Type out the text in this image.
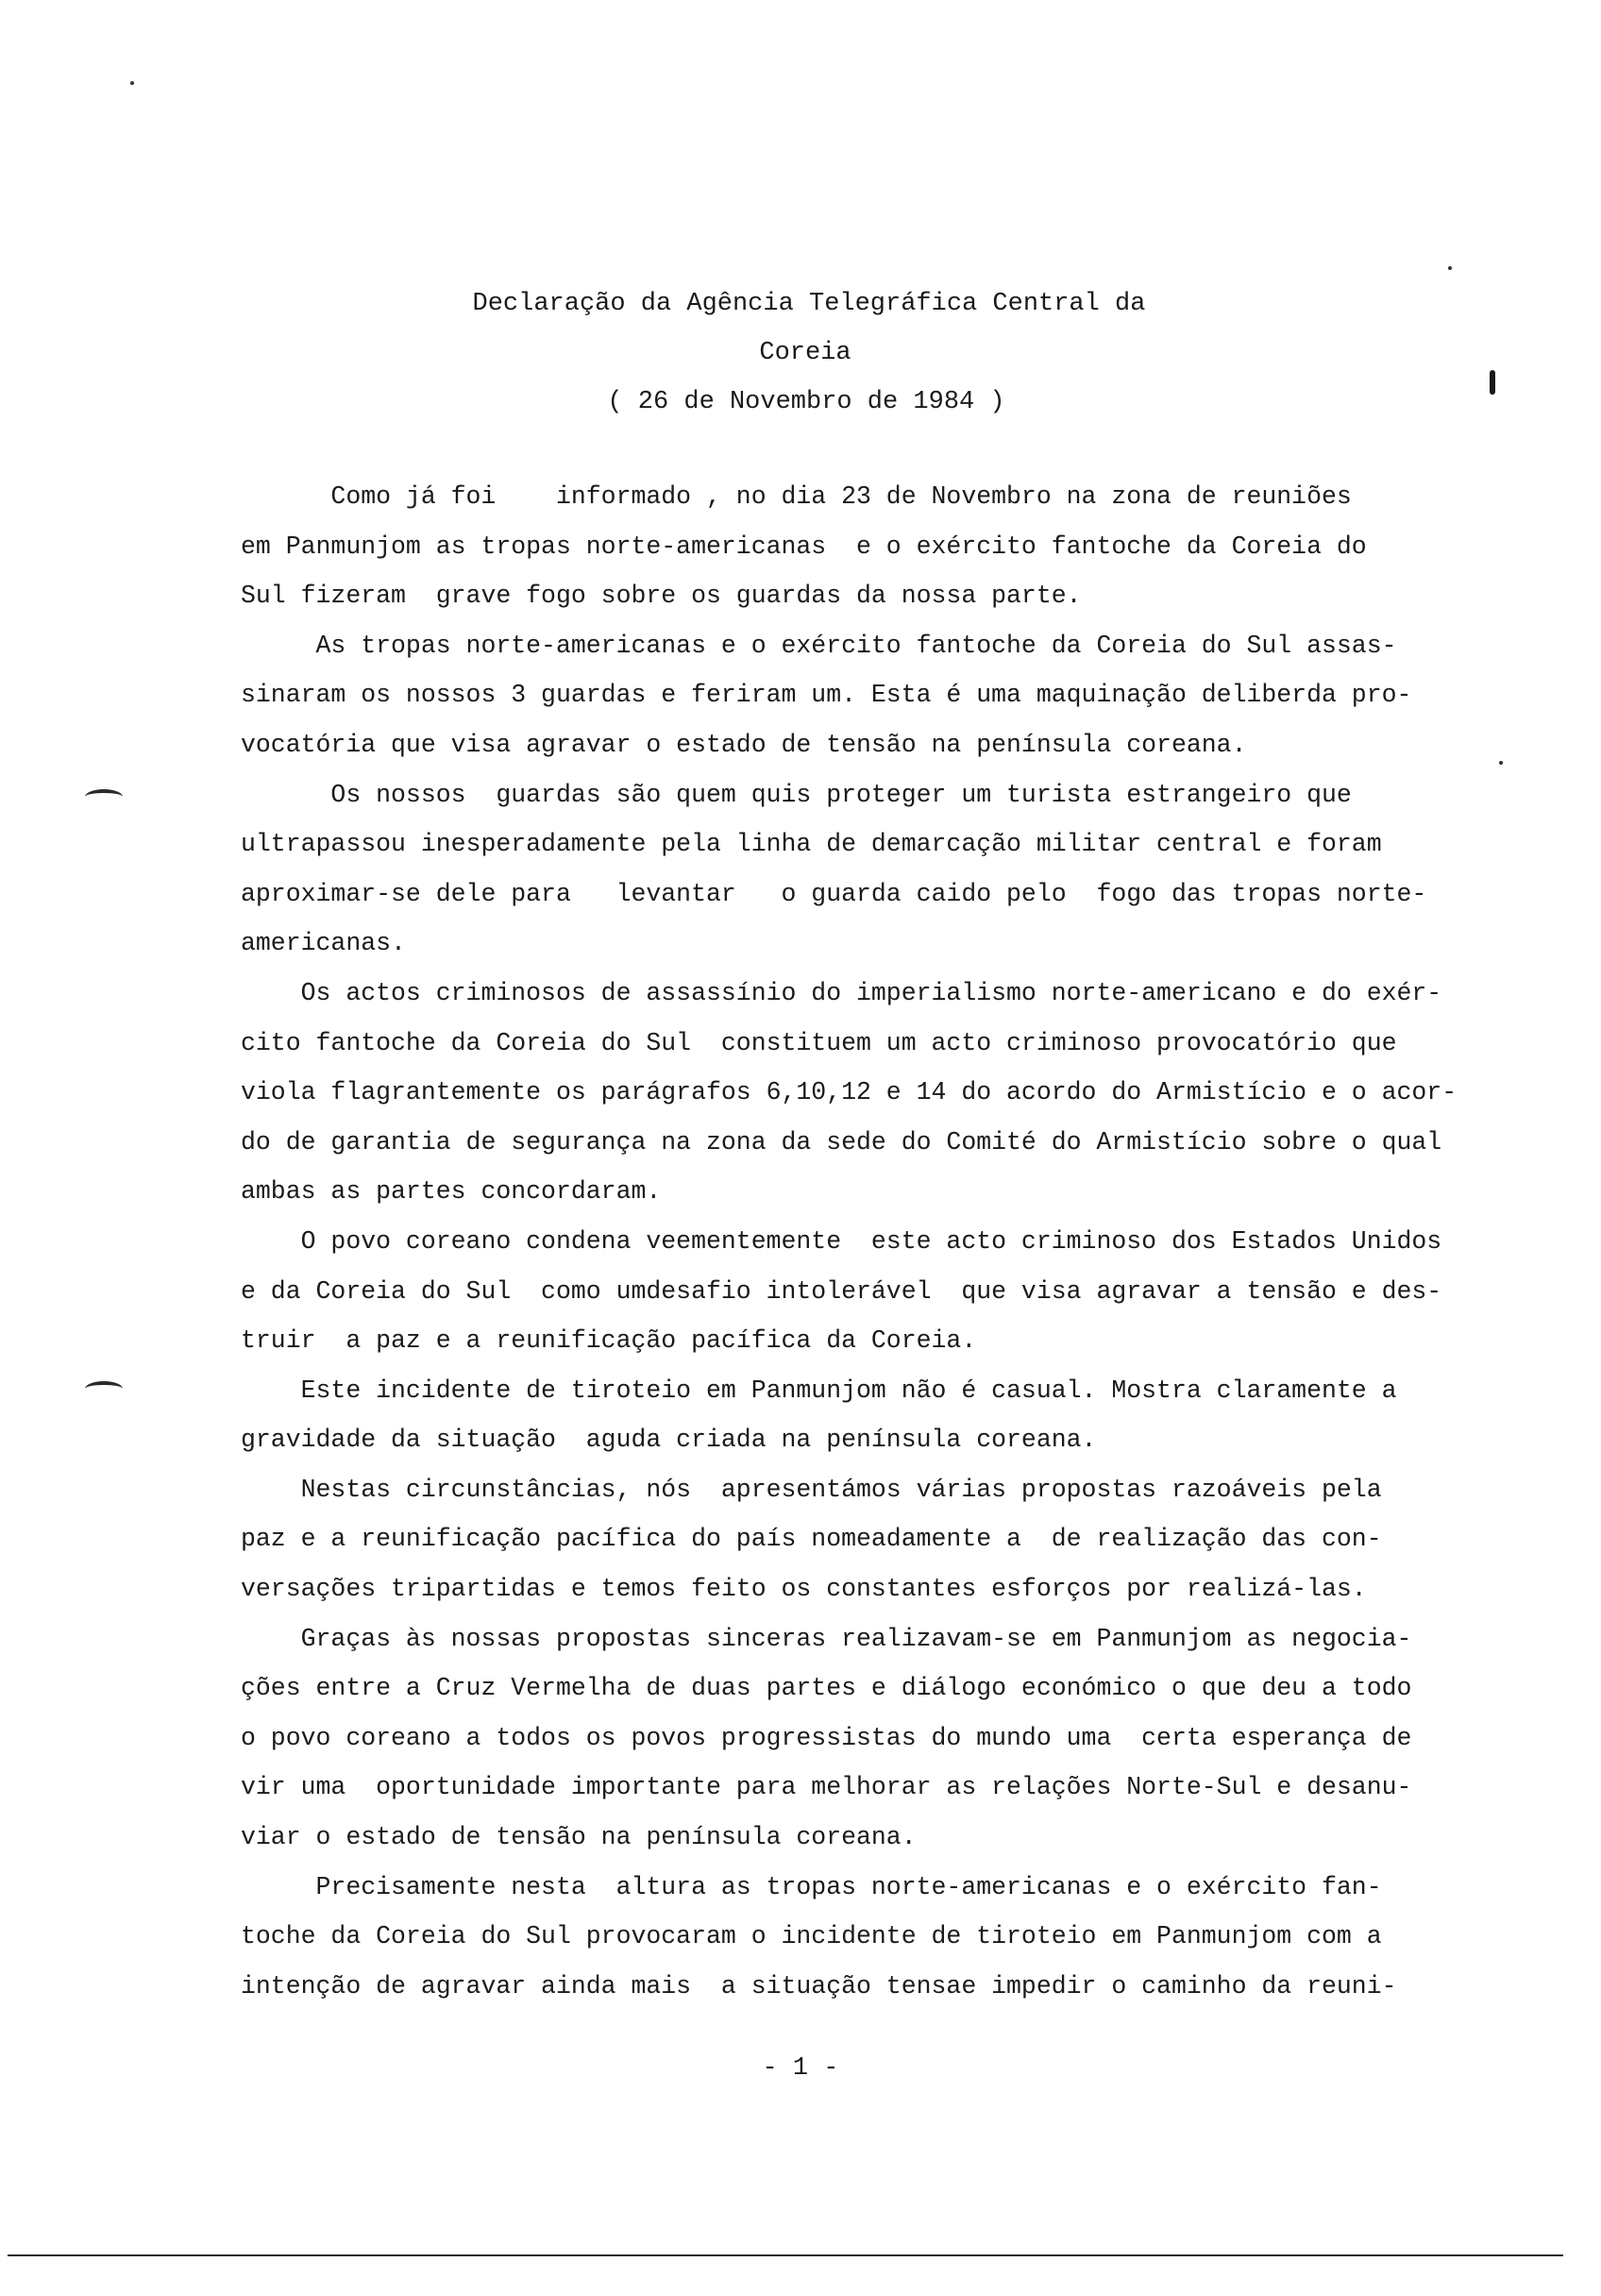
Declaração da Agência Telegráfica Central da
Coreia
( 26 de Novembro de 1984 )
Como já foi    informado , no dia 23 de Novembro na zona de reuniões
em Panmunjom as tropas norte-americanas  e o exército fantoche da Coreia do
Sul fizeram  grave fogo sobre os guardas da nossa parte.
As tropas norte-americanas e o exército fantoche da Coreia do Sul assas-
sinaram os nossos 3 guardas e feriram um. Esta é uma maquinação deliberda pro-
vocatória que visa agravar o estado de tensão na península coreana.
Os nossos  guardas são quem quis proteger um turista estrangeiro que
ultrapassou inesperadamente pela linha de demarcação militar central e foram
aproximar-se dele para   levantar   o guarda caido pelo  fogo das tropas norte-
americanas.
Os actos criminosos de assassínio do imperialismo norte-americano e do exér-
cito fantoche da Coreia do Sul  constituem um acto criminoso provocatório que
viola flagrantemente os parágrafos 6,10,12 e 14 do acordo do Armistício e o acor-
do de garantia de segurança na zona da sede do Comité do Armistício sobre o qual
ambas as partes concordaram.
O povo coreano condena veementemente  este acto criminoso dos Estados Unidos
e da Coreia do Sul  como umdesafio intolerável  que visa agravar a tensão e des-
truir  a paz e a reunificação pacífica da Coreia.
Este incidente de tiroteio em Panmunjom não é casual. Mostra claramente a
gravidade da situação  aguda criada na península coreana.
Nestas circunstâncias, nós  apresentámos várias propostas razoáveis pela
paz e a reunificação pacífica do país nomeadamente a  de realização das con-
versações tripartidas e temos feito os constantes esforços por realizá-las.
Graças às nossas propostas sinceras realizavam-se em Panmunjom as negocia-
ções entre a Cruz Vermelha de duas partes e diálogo económico o que deu a todo
o povo coreano a todos os povos progressistas do mundo uma  certa esperança de
vir uma  oportunidade importante para melhorar as relações Norte-Sul e desanu-
viar o estado de tensão na península coreana.
Precisamente nesta  altura as tropas norte-americanas e o exército fan-
toche da Coreia do Sul provocaram o incidente de tiroteio em Panmunjom com a
intenção de agravar ainda mais  a situação tensae impedir o caminho da reuni-
- 1 -
